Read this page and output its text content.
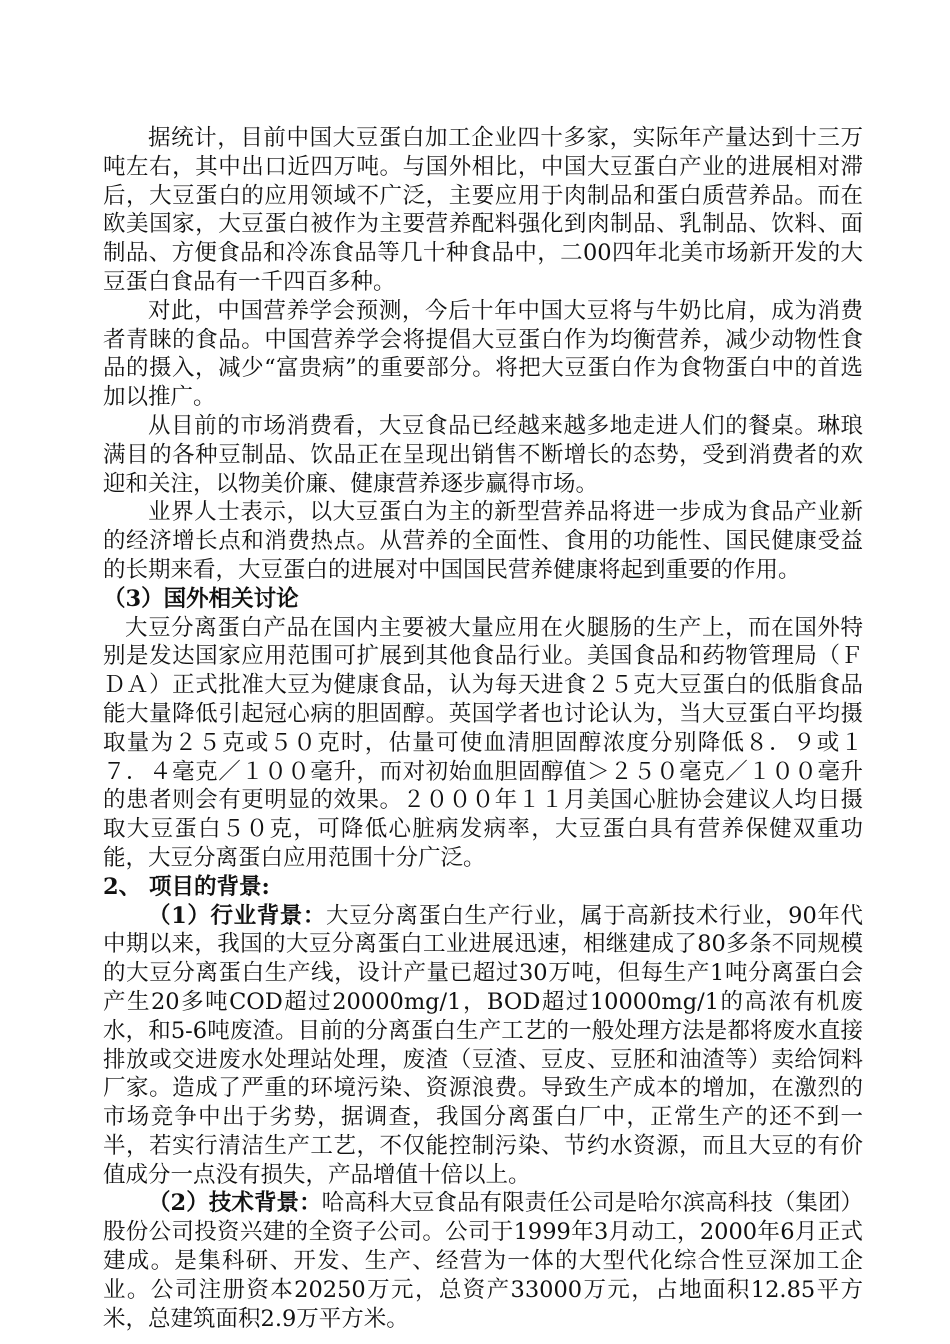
据统计，目前中国大豆蛋白加工企业四十多家，实际年产量达到十三万吨左右，其中出口近四万吨。与国外相比，中国大豆蛋白产业的进展相对滞后，大豆蛋白的应用领域不广泛，主要应用于肉制品和蛋白质营养品。而在欧美国家，大豆蛋白被作为主要营养配料强化到肉制品、乳制品、饮料、面制品、方便食品和冷冻食品等几十种食品中，二00四年北美市场新开发的大豆蛋白食品有一千四百多种。

对此，中国营养学会预测，今后十年中国大豆将与牛奶比肩，成为消费者青睐的食品。中国营养学会将提倡大豆蛋白作为均衡营养，减少动物性食品的摄入，减少“富贵病”的重要部分。将把大豆蛋白作为食物蛋白中的首选加以推广。

从目前的市场消费看，大豆食品已经越来越多地走进人们的餐桌。琳琅满目的各种豆制品、饮品正在呈现出销售不断增长的态势，受到消费者的欢迎和关注，以物美价廉、健康营养逐步赢得市场。

业界人士表示，以大豆蛋白为主的新型营养品将进一步成为食品产业新的经济增长点和消费热点。从营养的全面性、食用的功能性、国民健康受益的长期来看，大豆蛋白的进展对中国国民营养健康将起到重要的作用。

（3）国外相关讨论

大豆分离蛋白产品在国内主要被大量应用在火腿肠的生产上，而在国外特别是发达国家应用范围可扩展到其他食品行业。美国食品和药物管理局（ＦＤＡ）正式批准大豆为健康食品，认为每天进食２５克大豆蛋白的低脂食品能大量降低引起冠心病的胆固醇。英国学者也讨论认为，当大豆蛋白平均摄取量为２５克或５０克时，估量可使血清胆固醇浓度分别降低８．９或１７．４毫克／１００毫升，而对初始血胆固醇值＞２５０毫克／１００毫升的患者则会有更明显的效果。２０００年１１月美国心脏协会建议人均日摄取大豆蛋白５０克，可降低心脏病发病率，大豆蛋白具有营养保健双重功能，大豆分离蛋白应用范围十分广泛。

2、 项目的背景:

（1）行业背景：大豆分离蛋白生产行业，属于高新技术行业，90年代中期以来，我国的大豆分离蛋白工业进展迅速，相继建成了80多条不同规模的大豆分离蛋白生产线，设计产量已超过30万吨，但每生产1吨分离蛋白会产生20多吨COD超过20000mg/1，BOD超过10000mg/1的高浓有机废水，和5-6吨废渣。目前的分离蛋白生产工艺的一般处理方法是都将废水直接排放或交进废水处理站处理，废渣（豆渣、豆皮、豆胚和油渣等）卖给饲料厂家。造成了严重的环境污染、资源浪费。导致生产成本的增加，在激烈的市场竞争中出于劣势，据调查，我国分离蛋白厂中，正常生产的还不到一半，若实行清洁生产工艺，不仅能控制污染、节约水资源，而且大豆的有价值成分一点没有损失，产品增值十倍以上。

（2）技术背景：哈高科大豆食品有限责任公司是哈尔滨高科技（集团）股份公司投资兴建的全资子公司。公司于1999年3月动工，2000年6月正式建成。是集科研、开发、生产、经营为一体的大型代化综合性豆深加工企业。公司注册资本20250万元，总资产33000万元，占地面积12.85平方米，总建筑面积2.9万平方米。
